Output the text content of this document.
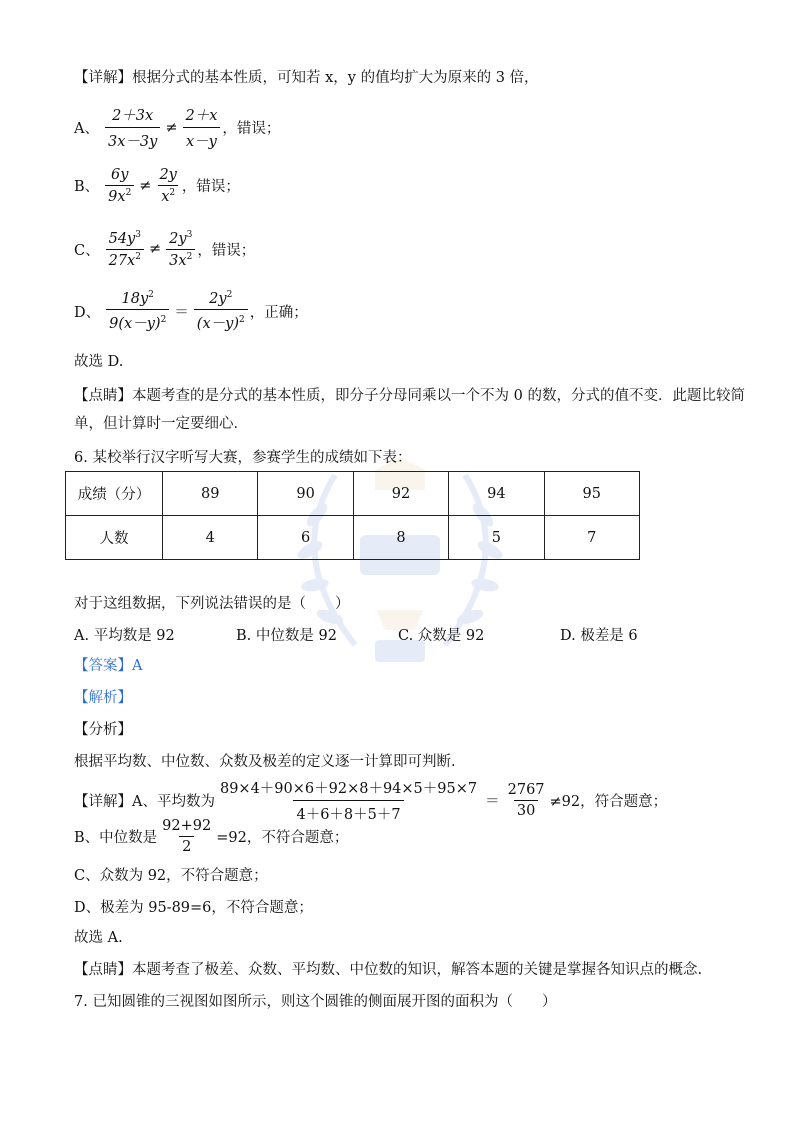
【详解】根据分式的基本性质，可知若 x，y 的值均扩大为原来的 3 倍，
A、 $\frac{2+3x}{3x-3y} \ne \frac{2+x}{x-y}$ ，错误；
B、 $\frac{6y}{9x^2} \ne \frac{2y}{x^2}$ ，错误；
C、 $\frac{54y^3}{27x^2} \ne \frac{2y^3}{3x^2}$ ，错误；
D、 $\frac{18y^2}{9(x-y)^2} = \frac{2y^2}{(x-y)^2}$ ，正确；
故选 D.
【点睛】本题考查的是分式的基本性质，即分子分母同乘以一个不为 0 的数，分式的值不变．此题比较简
单，但计算时一定要细心．
6. 某校举行汉字听写大赛，参赛学生的成绩如下表：
成绩（分）	89	90	92	94	95
人数	4	6	8	5	7
对于这组数据，下列说法错误的是（　　）
A. 平均数是 92	B. 中位数是 92	C. 众数是 92	D. 极差是 6
【答案】A
【解析】
【分析】
根据平均数、中位数、众数及极差的定义逐一计算即可判断.
【详解】 A、平均数为 $\frac{89\times 4+90\times 6+92\times 8+94\times 5+95\times 7}{4+6+8+5+7} = \frac{2767}{30} \ne 92$，符合题意；
B、中位数是 $\frac{92+92}{2} =92$，不符合题意；
C、众数为 92，不符合题意；
D、极差为 95-89=6，不符合题意；
故选 A.
【点睛】本题考查了极差、众数、平均数、中位数的知识，解答本题的关键是掌握各知识点的概念.
7. 已知圆锥的三视图如图所示，则这个圆锥的侧面展开图的面积为（　　）
